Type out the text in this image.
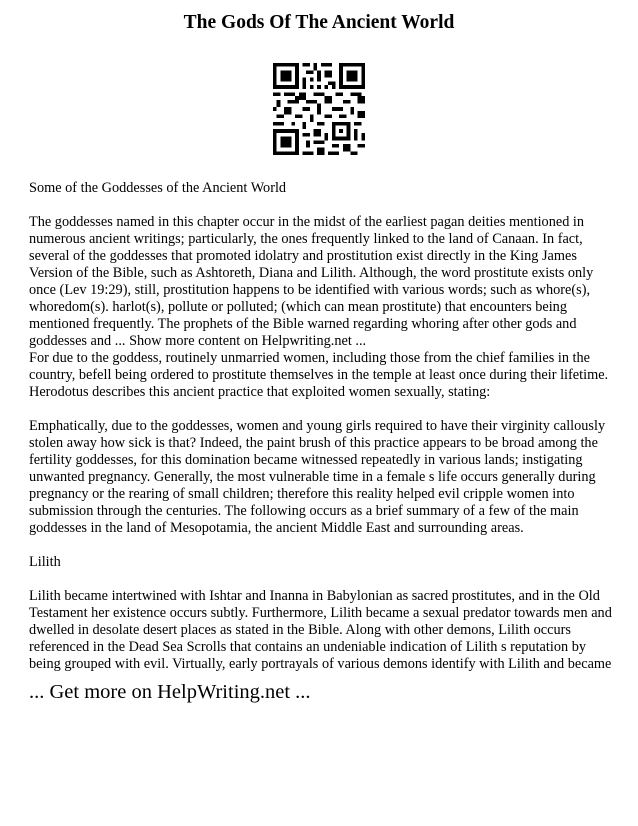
The Gods Of The Ancient World

Some of the Goddesses of the Ancient World

The goddesses named in this chapter occur in the midst of the earliest pagan deities mentioned in numerous ancient writings; particularly, the ones frequently linked to the land of Canaan. In fact, several of the goddesses that promoted idolatry and prostitution exist directly in the King James Version of the Bible, such as Ashtoreth, Diana and Lilith. Although, the word prostitute exists only once (Lev 19:29), still, prostitution happens to be identified with various words; such as whore(s), whoredom(s). harlot(s), pollute or polluted; (which can mean prostitute) that encounters being mentioned frequently. The prophets of the Bible warned regarding whoring after other gods and goddesses and ... Show more content on Helpwriting.net ...

For due to the goddess, routinely unmarried women, including those from the chief families in the country, befell being ordered to prostitute themselves in the temple at least once during their lifetime. Herodotus describes this ancient practice that exploited women sexually, stating:

Emphatically, due to the goddesses, women and young girls required to have their virginity callously stolen away how sick is that? Indeed, the paint brush of this practice appears to be broad among the fertility goddesses, for this domination became witnessed repeatedly in various lands; instigating unwanted pregnancy. Generally, the most vulnerable time in a female s life occurs generally during pregnancy or the rearing of small children; therefore this reality helped evil cripple women into submission through the centuries. The following occurs as a brief summary of a few of the main goddesses in the land of Mesopotamia, the ancient Middle East and surrounding areas.

Lilith

Lilith became intertwined with Ishtar and Inanna in Babylonian as sacred prostitutes, and in the Old Testament her existence occurs subtly. Furthermore, Lilith became a sexual predator towards men and dwelled in desolate desert places as stated in the Bible. Along with other demons, Lilith occurs referenced in the Dead Sea Scrolls that contains an undeniable indication of Lilith s reputation by being grouped with evil. Virtually, early portrayals of various demons identify with Lilith and became

... Get more on HelpWriting.net ...
